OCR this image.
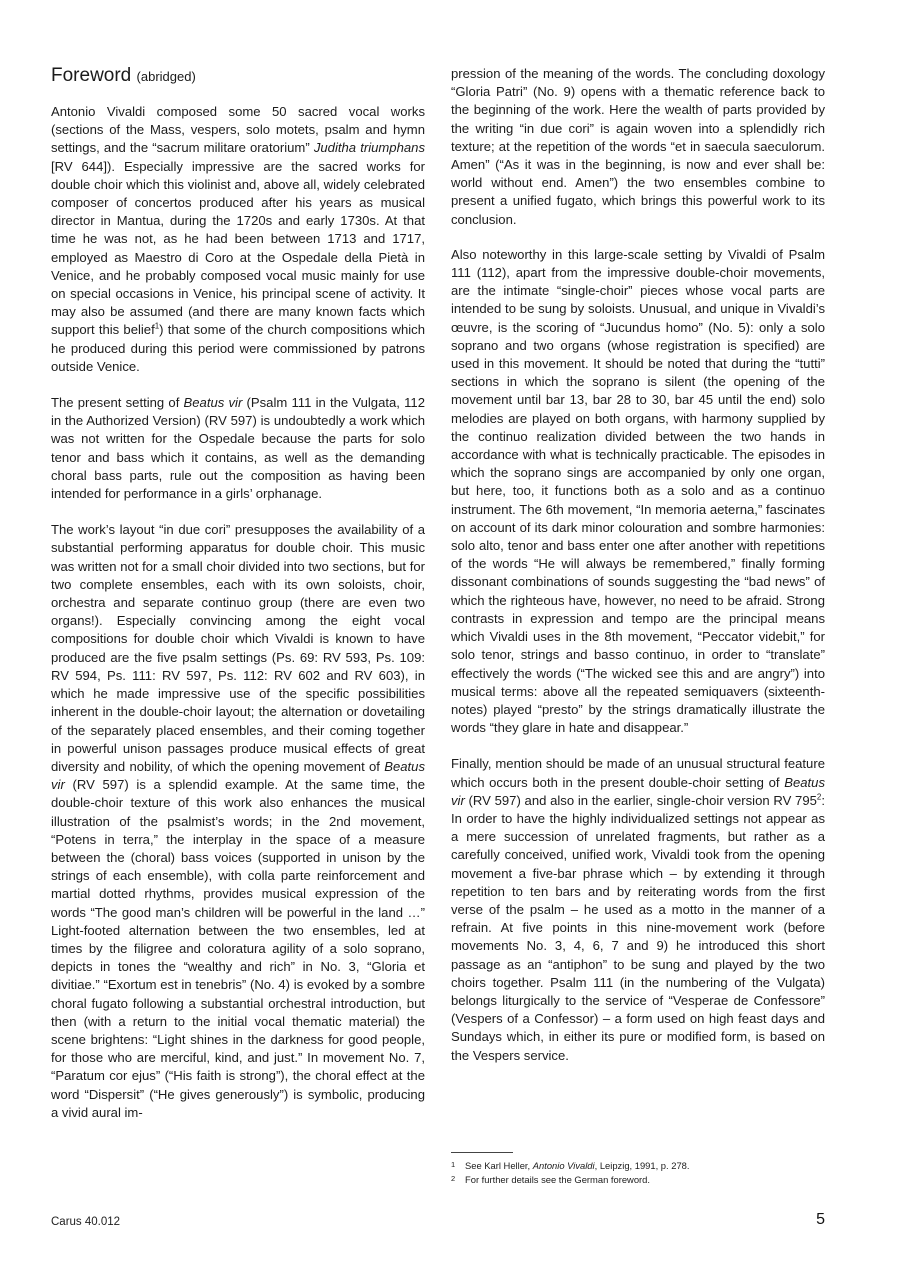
Foreword (abridged)

Antonio Vivaldi composed some 50 sacred vocal works (sections of the Mass, vespers, solo motets, psalm and hymn settings, and the “sacrum militare oratorium” Juditha triumphans [RV 644]). Especially impressive are the sacred works for double choir which this violinist and, above all, widely celebrated composer of concertos produced after his years as musical director in Mantua, during the 1720s and early 1730s. At that time he was not, as he had been between 1713 and 1717, employed as Maestro di Coro at the Ospedale della Pietà in Venice, and he probably composed vocal music mainly for use on special occasions in Venice, his principal scene of activity. It may also be assumed (and there are many known facts which support this belief$^1$) that some of the church compositions which he produced during this period were commissioned by patrons outside Venice.

The present setting of Beatus vir (Psalm 111 in the Vulgata, 112 in the Authorized Version) (RV 597) is undoubtedly a work which was not written for the Ospedale because the parts for solo tenor and bass which it contains, as well as the demanding choral bass parts, rule out the composition as having been intended for performance in a girls’ orphanage.

The work’s layout “in due cori” presupposes the availability of a substantial performing apparatus for double choir. This music was written not for a small choir divided into two sections, but for two complete ensembles, each with its own soloists, choir, orchestra and separate continuo group (there are even two organs!). Especially convincing among the eight vocal compositions for double choir which Vivaldi is known to have produced are the five psalm settings (Ps. 69: RV 593, Ps. 109: RV 594, Ps. 111: RV 597, Ps. 112: RV 602 and RV 603), in which he made impressive use of the specific possibilities inherent in the double-choir layout; the alternation or dovetailing of the separately placed ensembles, and their coming together in powerful unison passages produce musical effects of great diversity and nobility, of which the opening movement of Beatus vir (RV 597) is a splendid example. At the same time, the double-choir texture of this work also enhances the musical illustration of the psalmist’s words; in the 2nd movement, “Potens in terra,” the interplay in the space of a measure between the (choral) bass voices (supported in unison by the strings of each ensemble), with colla parte reinforcement and martial dotted rhythms, provides musical expression of the words “The good man’s children will be powerful in the land …” Light-footed alternation between the two ensembles, led at times by the filigree and coloratura agility of a solo soprano, depicts in tones the “wealthy and rich” in No. 3, “Gloria et divitiae.” “Exortum est in tenebris” (No. 4) is evoked by a sombre choral fugato following a substantial orchestral introduction, but then (with a return to the initial vocal thematic material) the scene brightens: “Light shines in the darkness for good people, for those who are merciful, kind, and just.” In movement No. 7, “Paratum cor ejus” (“His faith is strong”), the choral effect at the word “Dispersit” (“He gives generously”) is symbolic, producing a vivid aural im-

pression of the meaning of the words. The concluding doxology “Gloria Patri” (No. 9) opens with a thematic reference back to the beginning of the work. Here the wealth of parts provided by the writing “in due cori” is again woven into a splendidly rich texture; at the repetition of the words “et in saecula saeculorum. Amen” (“As it was in the beginning, is now and ever shall be: world without end. Amen”) the two ensembles combine to present a unified fugato, which brings this powerful work to its conclusion.

Also noteworthy in this large-scale setting by Vivaldi of Psalm 111 (112), apart from the impressive double-choir movements, are the intimate “single-choir” pieces whose vocal parts are intended to be sung by soloists. Unusual, and unique in Vivaldi’s œuvre, is the scoring of “Jucundus homo” (No. 5): only a solo soprano and two organs (whose registration is specified) are used in this movement. It should be noted that during the “tutti” sections in which the soprano is silent (the opening of the movement until bar 13, bar 28 to 30, bar 45 until the end) solo melodies are played on both organs, with harmony supplied by the continuo realization divided between the two hands in accordance with what is technically practicable. The episodes in which the soprano sings are accompanied by only one organ, but here, too, it functions both as a solo and as a continuo instrument. The 6th movement, “In memoria aeterna,” fascinates on account of its dark minor colouration and sombre harmonies: solo alto, tenor and bass enter one after another with repetitions of the words “He will always be remembered,” finally forming dissonant combinations of sounds suggesting the “bad news” of which the righteous have, however, no need to be afraid. Strong contrasts in expression and tempo are the principal means which Vivaldi uses in the 8th movement, “Peccator videbit,” for solo tenor, strings and basso continuo, in order to “translate” effectively the words (“The wicked see this and are angry”) into musical terms: above all the repeated semiquavers (sixteenth-notes) played “presto” by the strings dramatically illustrate the words “they glare in hate and disappear.”

Finally, mention should be made of an unusual structural feature which occurs both in the present double-choir setting of Beatus vir (RV 597) and also in the earlier, single-choir version RV $795^2$: In order to have the highly individualized settings not appear as a mere succession of unrelated fragments, but rather as a carefully conceived, unified work, Vivaldi took from the opening movement a five-bar phrase which – by extending it through repetition to ten bars and by reiterating words from the first verse of the psalm – he used as a motto in the manner of a refrain. At five points in this nine-movement work (before movements No. 3, 4, 6, 7 and 9) he introduced this short passage as an “antiphon” to be sung and played by the two choirs together. Psalm 111 (in the numbering of the Vulgata) belongs liturgically to the service of “Vesperae de Confessore” (Vespers of a Confessor) – a form used on high feast days and Sundays which, in either its pure or modified form, is based on the Vespers service.

1 See Karl Heller, Antonio Vivaldi, Leipzig, 1991, p. 278.
2 For further details see the German foreword.
Carus 40.012	5
